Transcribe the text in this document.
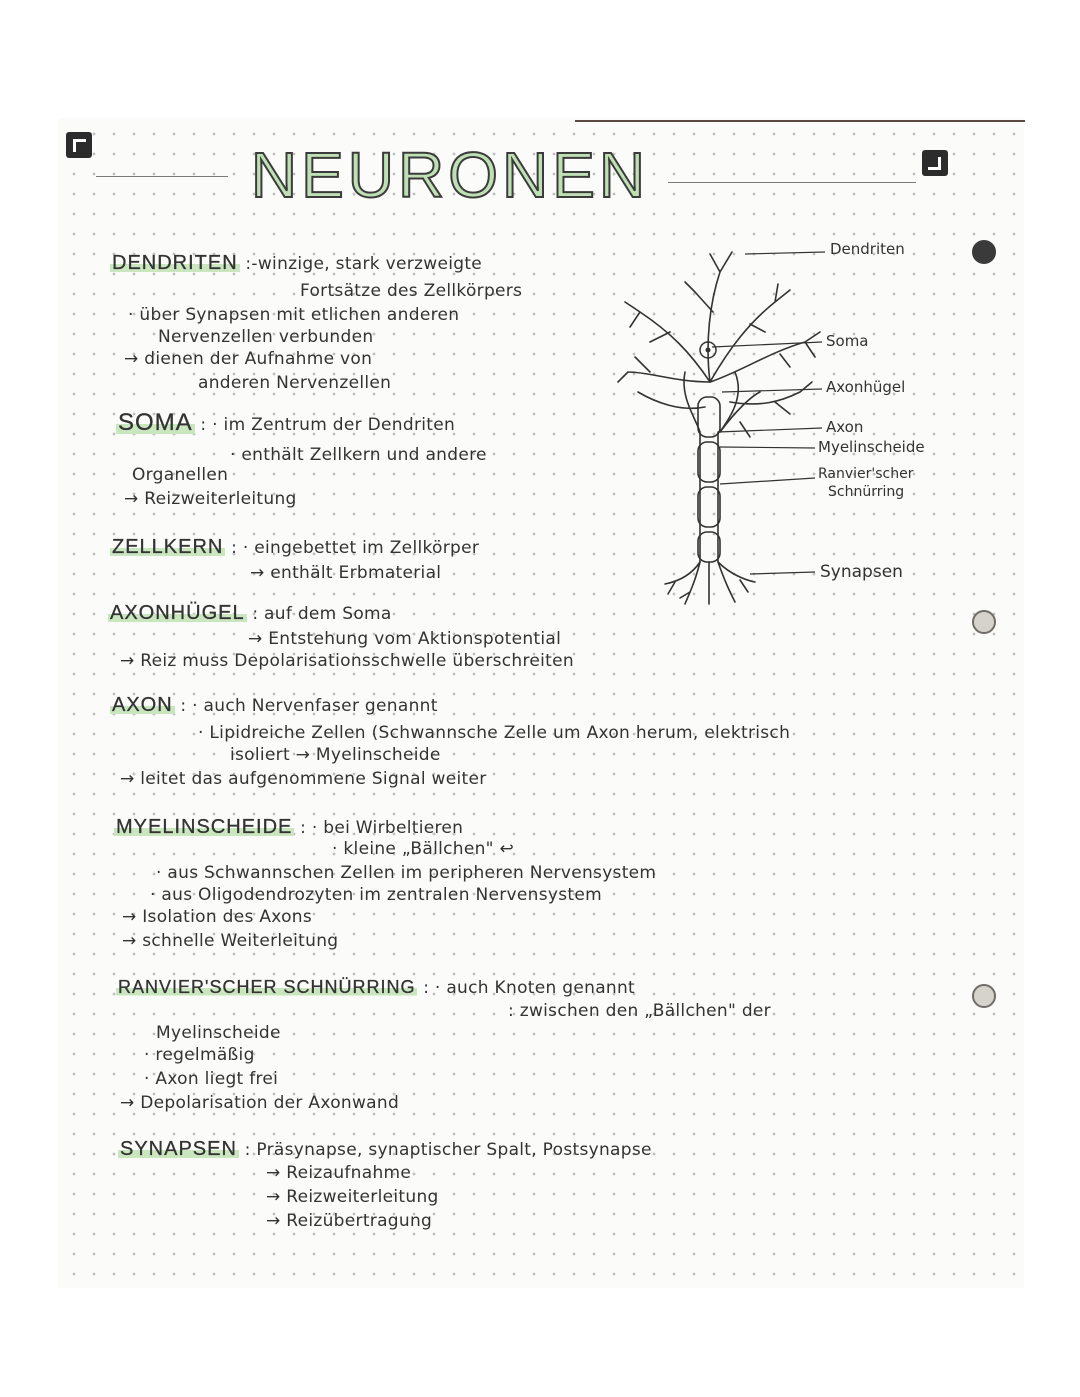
NEURONEN
DENDRITEN :-winzige, stark verzweigte
Fortsätze des Zellkörpers
· über Synapsen mit etlichen anderen
Nervenzellen verbunden
→ dienen der Aufnahme von
anderen Nervenzellen
SOMA : · im Zentrum der Dendriten
· enthält Zellkern und andere
Organellen
→ Reizweiterleitung
ZELLKERN : · eingebettet im Zellkörper
→ enthält Erbmaterial
AXONHÜGEL : auf dem Soma
→ Entstehung vom Aktionspotential
→ Reiz muss Depolarisationsschwelle überschreiten
AXON : · auch Nervenfaser genannt
· Lipidreiche Zellen (Schwannsche Zelle um Axon herum, elektrisch
isoliert → Myelinscheide
→ leitet das aufgenommene Signal weiter
MYELINSCHEIDE : · bei Wirbeltieren
· kleine „Bällchen" ↩
· aus Schwannschen Zellen im peripheren Nervensystem
· aus Oligodendrozyten im zentralen Nervensystem
→ Isolation des Axons
→ schnelle Weiterleitung
RANVIER'SCHER SCHNÜRRING : · auch Knoten genannt
: zwischen den „Bällchen" der
Myelinscheide
· regelmäßig
· Axon liegt frei
→ Depolarisation der Axonwand
SYNAPSEN : Präsynapse, synaptischer Spalt, Postsynapse
→ Reizaufnahme
→ Reizweiterleitung
→ Reizübertragung
Dendriten
Soma
Axonhügel
Axon
Myelinscheide
Ranvier'scher
Schnürring
Synapsen
